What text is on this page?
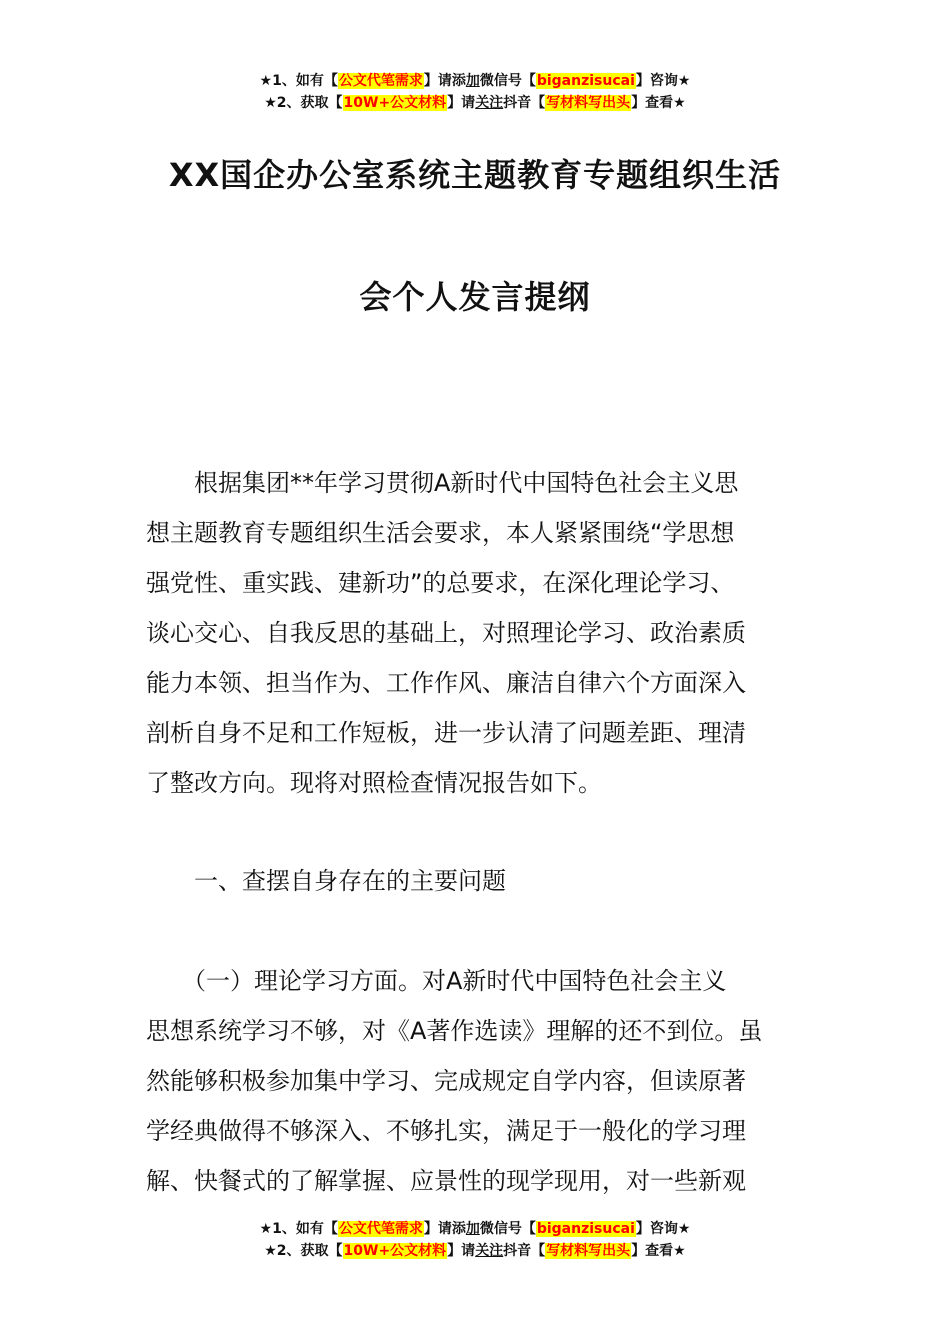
★1、如有【公文代笔需求】请添加微信号【biganzisucai】咨询★
★2、获取【10W+公文材料】请关注抖音【写材料写出头】查看★
XX国企办公室系统主题教育专题组织生活
会个人发言提纲
　　根据集团**年学习贯彻A新时代中国特色社会主义思
想主题教育专题组织生活会要求，本人紧紧围绕“学思想
强党性、重实践、建新功”的总要求，在深化理论学习、
谈心交心、自我反思的基础上，对照理论学习、政治素质
能力本领、担当作为、工作作风、廉洁自律六个方面深入
剖析自身不足和工作短板，进一步认清了问题差距、理清
了整改方向。现将对照检查情况报告如下。
　　一、查摆自身存在的主要问题
　　（一）理论学习方面。对A新时代中国特色社会主义
思想系统学习不够，对《A著作选读》理解的还不到位。虽
然能够积极参加集中学习、完成规定自学内容，但读原著
学经典做得不够深入、不够扎实，满足于一般化的学习理
解、快餐式的了解掌握、应景性的现学现用，对一些新观
★1、如有【公文代笔需求】请添加微信号【biganzisucai】咨询★
★2、获取【10W+公文材料】请关注抖音【写材料写出头】查看★
